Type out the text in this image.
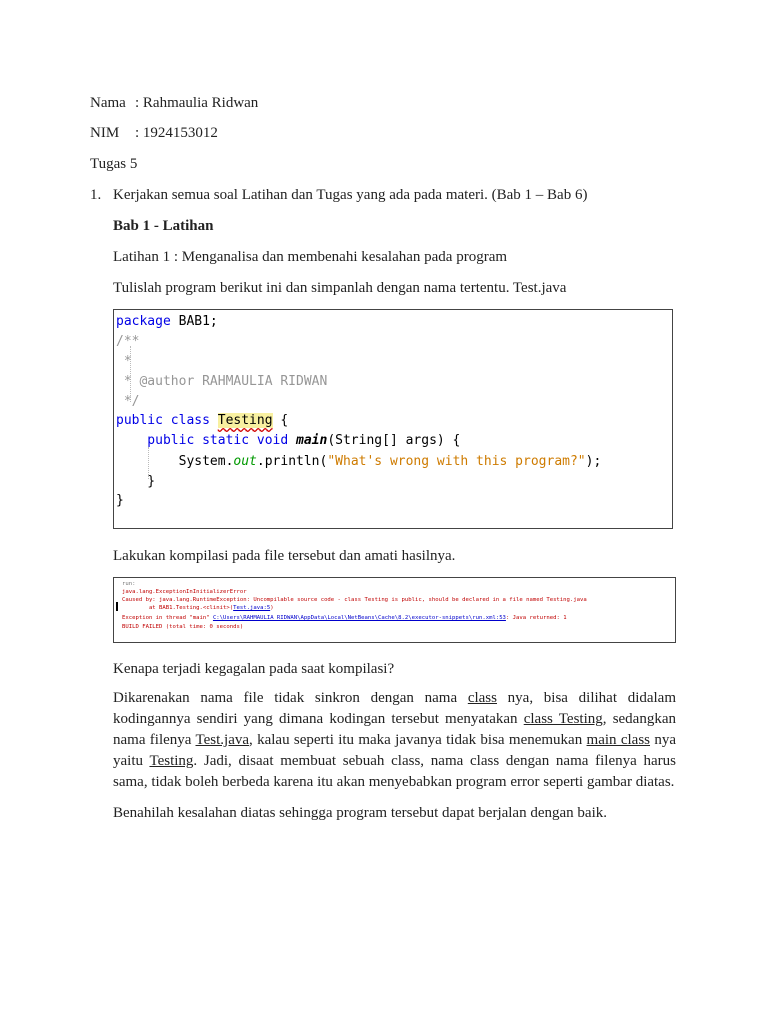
Nama : Rahmaulia Ridwan
NIM : 1924153012
Tugas 5
1. Kerjakan semua soal Latihan dan Tugas yang ada pada materi. (Bab 1 – Bab 6)
Bab 1 - Latihan
Latihan 1 : Menganalisa dan membenahi kesalahan pada program
Tulislah program berikut ini dan simpanlah dengan nama tertentu. Test.java
package BAB1;
/**
*
* @author RAHMAULIA RIDWAN
*/
public class Testing {
public static void main(String[] args) {
System.out.println("What's wrong with this program?");
}
}
Lakukan kompilasi pada file tersebut dan amati hasilnya.
run:
java.lang.ExceptionInInitializerError
Caused by: java.lang.RuntimeException: Uncompilable source code - class Testing is public, should be declared in a file named Testing.java
at BAB1.Testing.<clinit>(Test.java:5)
Exception in thread "main" C:\Users\RAHMAULIA RIDWAN\AppData\Local\NetBeans\Cache\8.2\executor-snippets\run.xml:53: Java returned: 1
BUILD FAILED (total time: 0 seconds)
Kenapa terjadi kegagalan pada saat kompilasi?
Dikarenakan nama file tidak sinkron dengan nama class nya, bisa dilihat didalam kodingannya sendiri yang dimana kodingan tersebut menyatakan class Testing, sedangkan nama filenya Test.java, kalau seperti itu maka javanya tidak bisa menemukan main class nya yaitu Testing. Jadi, disaat membuat sebuah class, nama class dengan nama filenya harus sama, tidak boleh berbeda karena itu akan menyebabkan program error seperti gambar diatas.
Benahilah kesalahan diatas sehingga program tersebut dapat berjalan dengan baik.
